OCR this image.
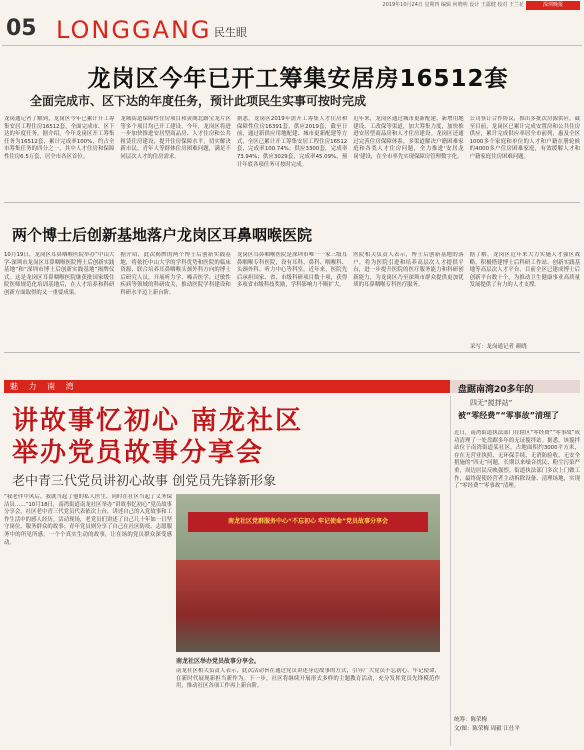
2019年10月24日 星期四 编辑 何晓明 设计 王露健 校对 王兰花	深圳晚报
05 LONGGANG 民生眼
龙岗区今年已开工筹集安居房16512套
全面完成市、区下达的年度任务，预计此项民生实事可按时完成

龙岗通记者了解到，龙岗区今年已累计开工筹集安居工程住房16512套，全面完成市、区下达的年度任务。据介绍，今年龙岗区开工筹集任务为16512套，累计完成率100%，约占全市筹集任务的四分之一，其中人才住房和保障性住房6.5万套，居全市各区首位。

龙城街道保障性住房项目和黄阁北路宝龙片区等多个项目均已开工建设。今年，龙岗区将进一步加快推进安居型商品房、人才住房和公共租赁住房建设，提升住房保障水平，切实解决新市民、青年人等群体住房困难问题，满足不同层次人才的住房需求。

据悉，龙岗区2019年需开工筹集人才住房和保障性住房16391套，供应2019套，截至日前，通过新供应用地配建、城市更新配建等方式，全区已累计开工筹集安居工程住房16512套，完成率100.74%；供应3300套，完成率73.94%；供应3029套，完成率45.09%，预计年底各项任务可按时完成。

近年来，龙岗区通过城市更新配建、新增用地建设、工改保等渠道，加大筹集力度，加快推进安居型商品房和人才住房建设。龙岗区还通过完善住房保障体系，多渠道解决户籍困难家庭和各类人才住房问题，全力推进'安居龙岗'建设，在全市率先实现保障房管理数字化。

公司签订合作协议，推出多批次房源供应。截至目前，龙岗区已累计完成安置房和公共住房供应，累计完成供应率居全市前列，惠及全区1000多个家庭和单位的人才和户籍在册轮候的4000多户住房困难家庭，有效缓解人才和户籍家庭住房困难问题。

两个博士后创新基地落户龙岗区耳鼻咽喉医院

10月19日，龙岗区耳鼻咽喉医院举办“中山大学-深圳市龙岗区耳鼻咽喉医院博士后创新实践基地”和“深圳市博士后创新实践基地”揭牌仪式。这是龙岗区耳鼻咽喉医院继获批国家级住院医师规范化培训基地后，在人才培养和科研创新方面取得的又一重要成果。

据介绍，此次揭牌的两个博士后创新实践基地，将依托中山大学的学科优势和医院的临床资源，联合培养耳鼻咽喉头颈外科方向的博士后研究人员，开展听力学、嗓音医学、过敏性疾病等领域的科研攻关，推动医院学科建设和科研水平迈上新台阶。

龙岗区耳鼻咽喉医院是深圳市唯一一家三级耳鼻咽喉专科医院，设有耳科、鼻科、咽喉科、头颈外科、听力中心等科室。近年来，医院先后承担国家、省、市级科研项目数十项，获得多项省市级科技奖励，学科影响力不断扩大。

医院相关负责人表示，博士后创新基地的落户，将为医院引进和培养高层次人才提供平台，进一步提升医院的医疗服务能力和科研创新能力，为龙岗区乃至深圳市群众提供更加优质的耳鼻咽喉专科医疗服务。

据了解，龙岗区近年来大力实施人才强区战略，积极搭建博士后科研工作站、创新实践基地等高层次人才平台，目前全区已建成博士后创新平台数十个，为推动卫生健康事业高质量发展提供了有力的人才支撑。

采写：龙岗通记者 颜晓
魅 力 南 湾
讲故事忆初心 南龙社区
举办党员故事分享会
老中青三代党员讲初心故事 创党员先锋新形象

“我老伴中风后，我就当起了他的私人医生，同时在社区当起了义务保洁员……”10月18日，南湾街道南龙社区举办“讲故事忆初心”党员故事分享会，社区老中青三代党员代表依次上台，讲述自己的入党故事和工作生活中的感人经历。活动现场，老党员们讲述了自己几十年如一日坚守岗位、服务群众的故事；青年党员则分享了自己在社区防疫、志愿服务中的所见所感。一个个真实生动的故事，让在场的党员群众深受感动。

南龙社区党群服务中心“不忘初心 牢记使命”党员故事分享会
南龙社区举办党员故事分享会。

南龙社区相关负责人表示，此次活动旨在通过党员讲述身边故事的方式，引导广大党员不忘初心、牢记使命，在新时代展现新担当新作为。下一步，社区将继续开展形式多样的主题教育活动，充分发挥党员先锋模范作用，推动社区各项工作再上新台阶。

盘踞南湾20多年的
四无“搅拌站”
被“零经费”“零事故”清理了

近日，南湾街道执法部门在辖区“零经费”“零事故”成功清理了一处盘踞多年的无证搅拌站。据悉，该搅拌站位于南湾街道某社区，占地面积约3000平方米，存在无营业执照、无环保手续、无消防验收、无安全措施的“四无”问题，长期以来噪音扰民、粉尘污染严重，周边居民反映强烈。街道执法部门多次上门做工作，最终促使经营者主动拆除设备、清理场地，实现了“零经费”“零事故”清理。

统筹：陈荣梅
文/图：陈荣梅 周毅 江仕平
